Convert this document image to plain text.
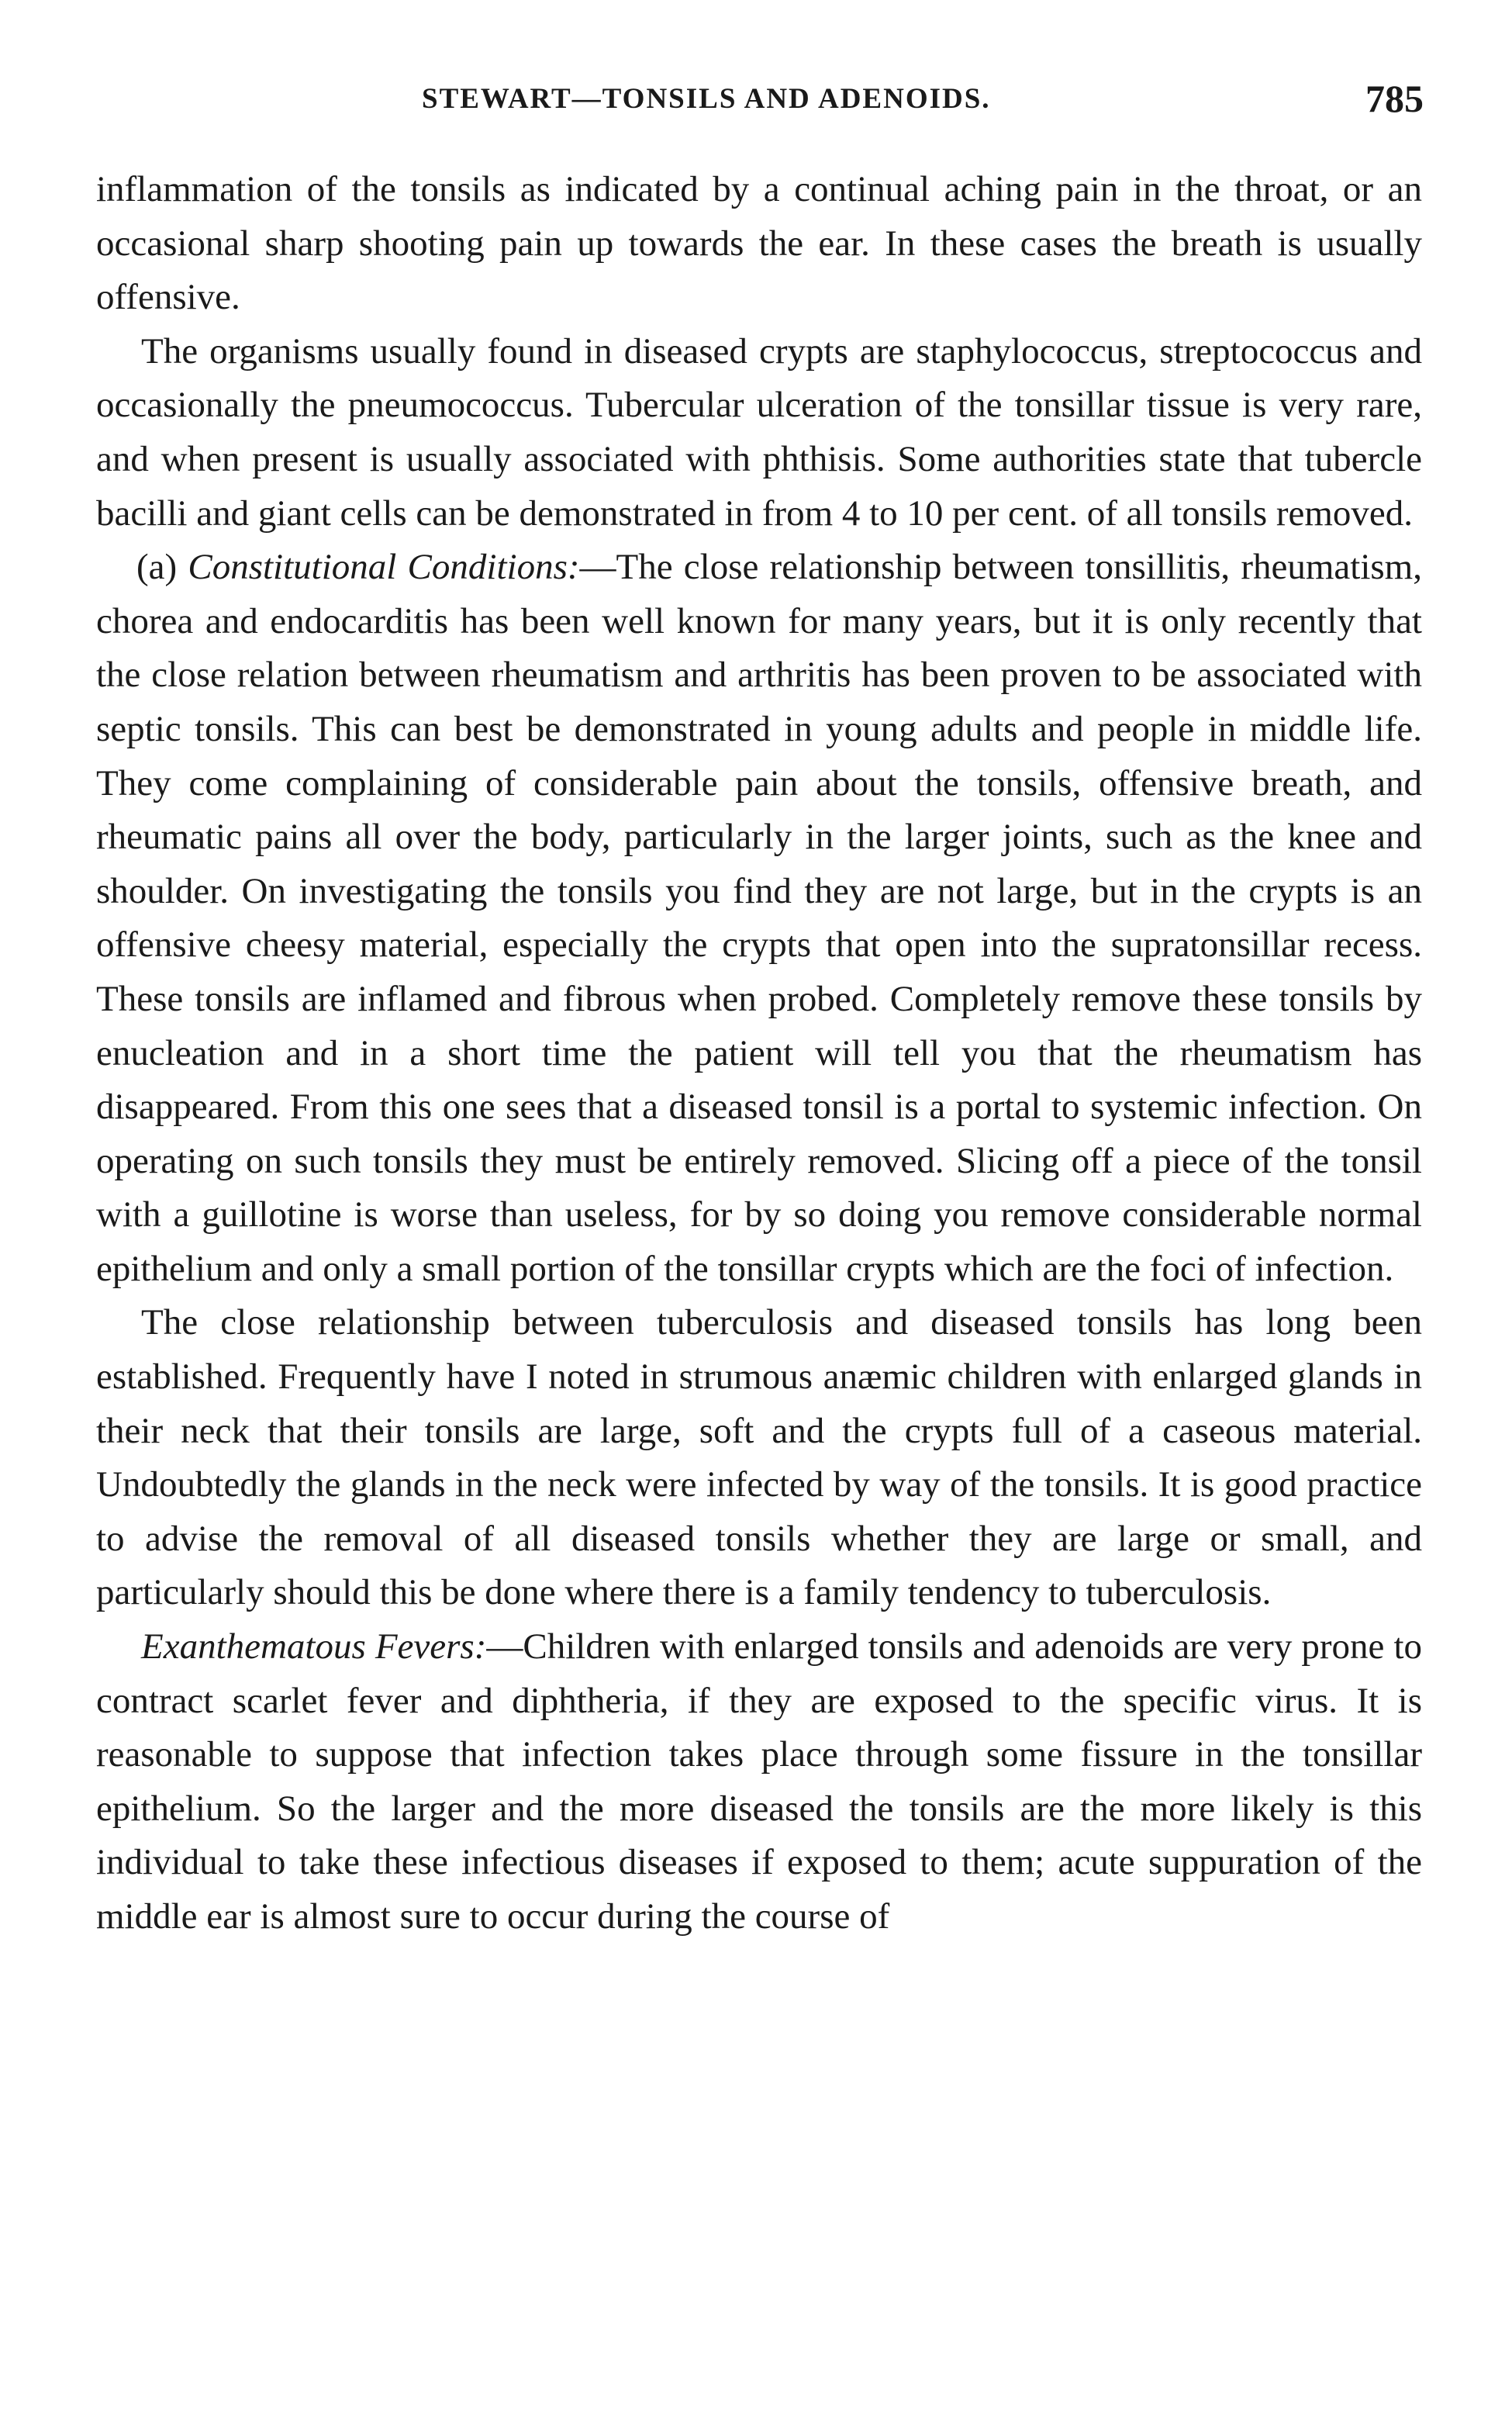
STEWART—TONSILS AND ADENOIDS.	785

inflammation of the tonsils as indicated by a continual aching pain in the throat, or an occasional sharp shooting pain up towards the ear. In these cases the breath is usually offensive.

The organisms usually found in diseased crypts are staphylococcus, streptococcus and occasionally the pneumococcus. Tubercular ulceration of the tonsillar tissue is very rare, and when present is usually associated with phthisis. Some authorities state that tubercle bacilli and giant cells can be demonstrated in from 4 to 10 per cent. of all tonsils removed.

(a) Constitutional Conditions:—The close relationship between tonsillitis, rheumatism, chorea and endocarditis has been well known for many years, but it is only recently that the close relation between rheumatism and arthritis has been proven to be associated with septic tonsils. This can best be demonstrated in young adults and people in middle life. They come complaining of considerable pain about the tonsils, offensive breath, and rheumatic pains all over the body, particularly in the larger joints, such as the knee and shoulder. On investigating the tonsils you find they are not large, but in the crypts is an offensive cheesy material, especially the crypts that open into the supratonsillar recess. These tonsils are inflamed and fibrous when probed. Completely remove these tonsils by enucleation and in a short time the patient will tell you that the rheumatism has disappeared. From this one sees that a diseased tonsil is a portal to systemic infection. On operating on such tonsils they must be entirely removed. Slicing off a piece of the tonsil with a guillotine is worse than useless, for by so doing you remove considerable normal epithelium and only a small portion of the tonsillar crypts which are the foci of infection.

The close relationship between tuberculosis and diseased tonsils has long been established. Frequently have I noted in strumous anæmic children with enlarged glands in their neck that their tonsils are large, soft and the crypts full of a caseous material. Undoubtedly the glands in the neck were infected by way of the tonsils. It is good practice to advise the removal of all diseased tonsils whether they are large or small, and particularly should this be done where there is a family tendency to tuberculosis.

Exanthematous Fevers:—Children with enlarged tonsils and adenoids are very prone to contract scarlet fever and diphtheria, if they are exposed to the specific virus. It is reasonable to suppose that infection takes place through some fissure in the tonsillar epithelium. So the larger and the more diseased the tonsils are the more likely is this individual to take these infectious diseases if exposed to them; acute suppuration of the middle ear is almost sure to occur during the course of
